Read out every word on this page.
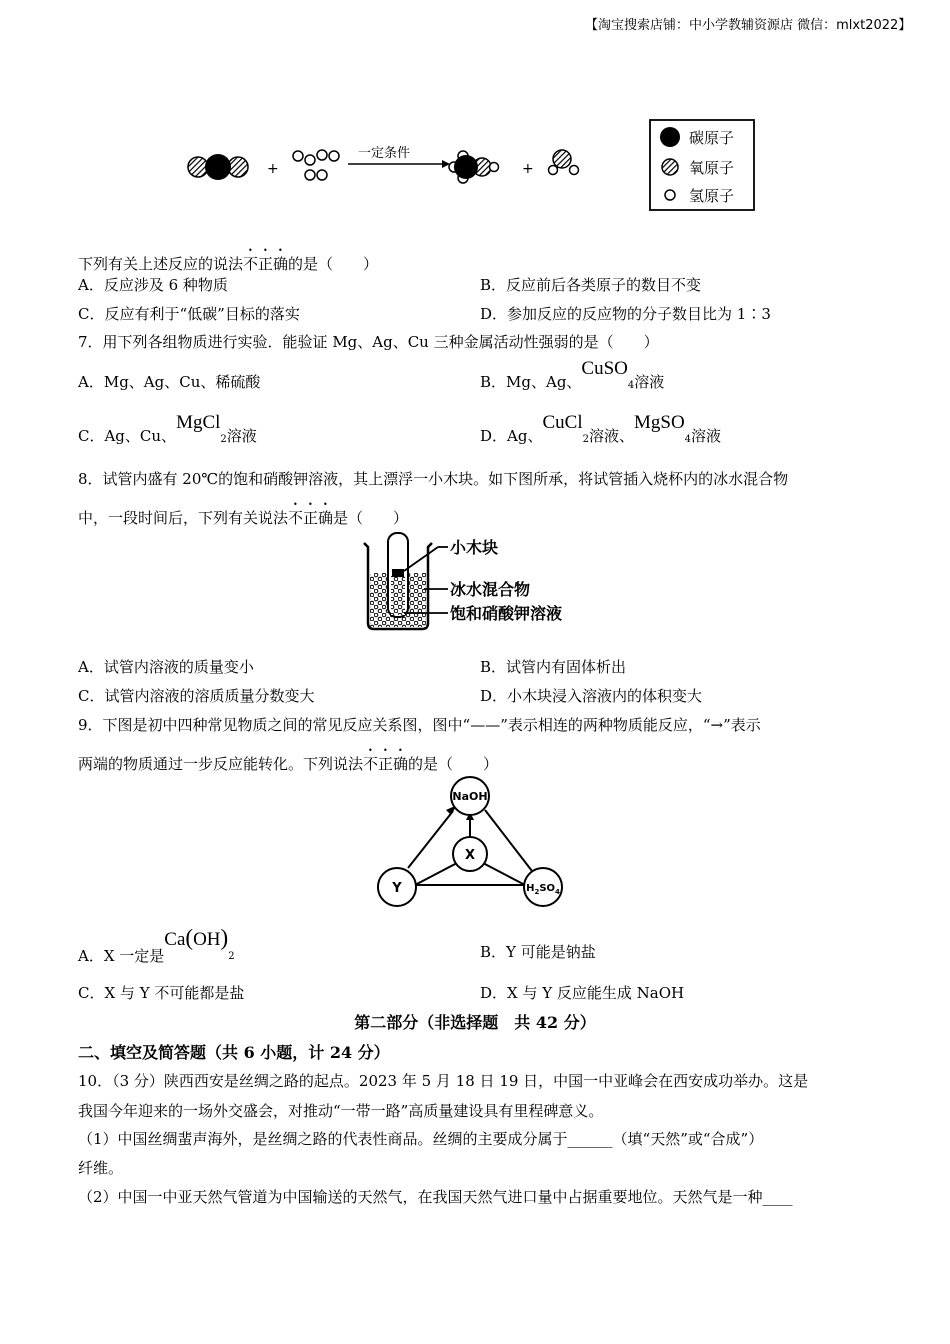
【淘宝搜索店铺：中小学教辅资源店 微信：mlxt2022】
+
一定条件
+
碳原子
氧原子
氢原子
下列有关上述反应的说法不正确的是（　　）
A．反应涉及 6 种物质	B．反应前后各类原子的数目不变
C．反应有利于“低碳”目标的落实	D．参加反应的反应物的分子数目比为 1∶3
7．用下列各组物质进行实验．能验证 Mg、Ag、Cu 三种金属活动性强弱的是（　　）
A．Mg、Ag、Cu、稀硫酸	B．Mg、Ag、CuSO$_4$溶液
C．Ag、Cu、MgCl$_2$溶液	D．Ag、CuCl$_2$溶液、MgSO$_4$溶液
8．试管内盛有 20℃的饱和硝酸钾溶液，其上漂浮一小木块。如下图所承，将试管插入烧杯内的冰水混合物
中，一段时间后，下列有关说法不正确是（　　）
小木块
冰水混合物
饱和硝酸钾溶液
A．试管内溶液的质量变小	B．试管内有固体析出
C．试管内溶液的溶质质量分数变大	D．小木块浸入溶液内的体积变大
9．下图是初中四种常见物质之间的常见反应关系图，图中“——”表示相连的两种物质能反应，“→”表示
两端的物质通过一步反应能转化。下列说法不正确的是（　　）
NaOH
X
Y	$H_2SO_4$
A．X 一定是$Ca(OH)_2$	B．Y 可能是钠盐
C．X 与 Y 不可能都是盐	D．X 与 Y 反应能生成 NaOH
第二部分（非选择题　共 42 分）
二、填空及简答题（共 6 小题，计 24 分）
10．（3 分）陕西西安是丝绸之路的起点。2023 年 5 月 18 日 19 日，中国一中亚峰会在西安成功举办。这是
我国今年迎来的一场外交盛会，对推动“一带一路”高质量建设具有里程碑意义。
（1）中国丝绸蜚声海外，是丝绸之路的代表性商品。丝绸的主要成分属于______（填“天然”或“合成”）
纤维。
（2）中国一中亚天然气管道为中国输送的天然气，在我国天然气进口量中占据重要地位。天然气是一种____
